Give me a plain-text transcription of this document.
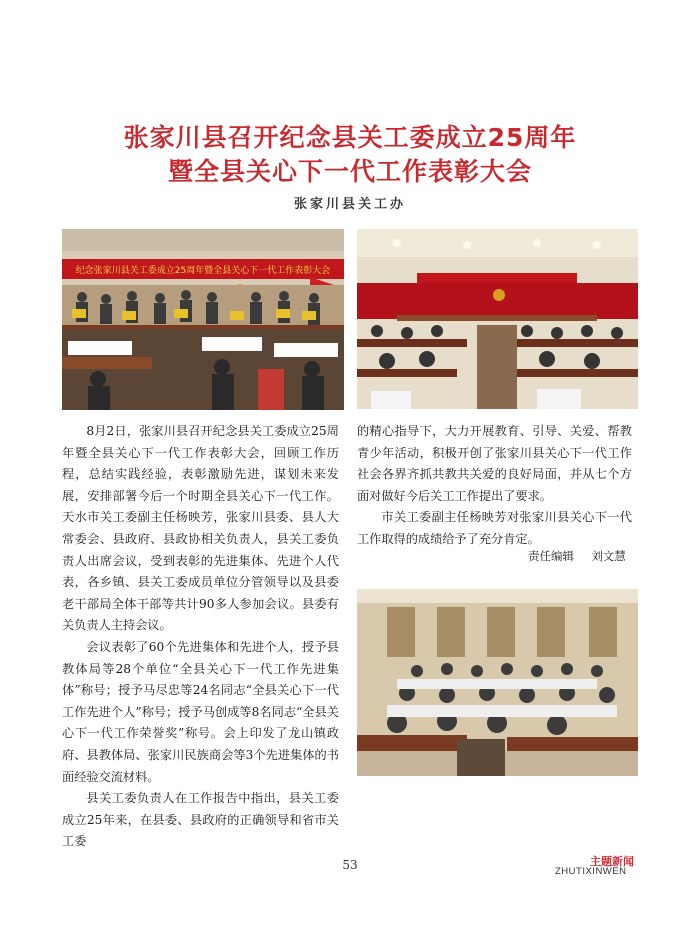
张家川县召开纪念县关工委成立25周年
暨全县关心下一代工作表彰大会
张家川县关工办
纪念张家川县关工委成立25周年暨全县关心下一代工作表彰大会

8月2日，张家川县召开纪念县关工委成立25周年暨全县关心下一代工作表彰大会，回顾工作历程，总结实践经验，表彰激励先进，谋划未来发展，安排部署今后一个时期全县关心下一代工作。天水市关工委副主任杨映芳，张家川县委、县人大常委会、县政府、县政协相关负责人，县关工委负责人出席会议，受到表彰的先进集体、先进个人代表，各乡镇、县关工委成员单位分管领导以及县委老干部局全体干部等共计90多人参加会议。县委有关负责人主持会议。

会议表彰了60个先进集体和先进个人，授予县教体局等28个单位“全县关心下一代工作先进集体”称号；授予马尽忠等24名同志“全县关心下一代工作先进个人”称号；授予马创成等8名同志“全县关心下一代工作荣誉奖”称号。会上印发了龙山镇政府、县教体局、张家川民族商会等3个先进集体的书面经验交流材料。

县关工委负责人在工作报告中指出，县关工委成立25年来，在县委、县政府的正确领导和省市关工委

的精心指导下，大力开展教育、引导、关爱、帮教青少年活动，积极开创了张家川县关心下一代工作社会各界齐抓共教共关爱的良好局面，并从七个方面对做好今后关工工作提出了要求。

市关工委副主任杨映芳对张家川县关心下一代工作取得的成绩给予了充分肯定。

责任编辑 刘文慧
53	主题新闻
ZHUTIXINWEN
